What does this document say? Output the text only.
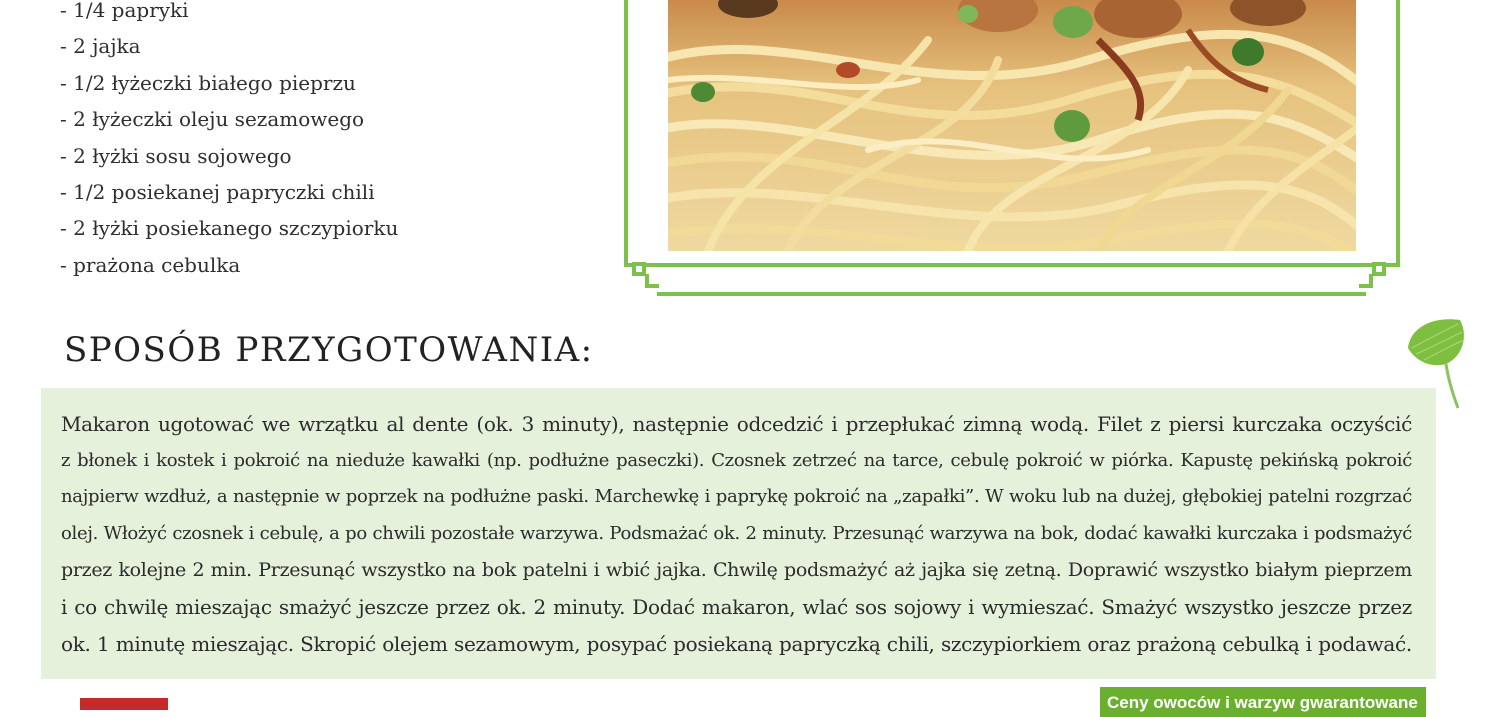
- 1/4 papryki
- 2 jajka
- 1/2 łyżeczki białego pieprzu
- 2 łyżeczki oleju sezamowego
- 2 łyżki sosu sojowego
- 1/2 posiekanej papryczki chili
- 2 łyżki posiekanego szczypiorku
- prażona cebulka
SPOSÓB PRZYGOTOWANIA:
Makaron ugotować we wrzątku al dente (ok. 3 minuty), następnie odcedzić i przepłukać zimną wodą. Filet z piersi kurczaka oczyścić
z błonek i kostek i pokroić na nieduże kawałki (np. podłużne paseczki). Czosnek zetrzeć na tarce, cebulę pokroić w piórka. Kapustę pekińską pokroić
najpierw wzdłuż, a następnie w poprzek na podłużne paski. Marchewkę i paprykę pokroić na „zapałki”. W woku lub na dużej, głębokiej patelni rozgrzać
olej. Włożyć czosnek i cebulę, a po chwili pozostałe warzywa. Podsmażać ok. 2 minuty. Przesunąć warzywa na bok, dodać kawałki kurczaka i podsmażyć
przez kolejne 2 min. Przesunąć wszystko na bok patelni i wbić jajka. Chwilę podsmażyć aż jajka się zetną. Doprawić wszystko białym pieprzem
i co chwilę mieszając smażyć jeszcze przez ok. 2 minuty. Dodać makaron, wlać sos sojowy i wymieszać. Smażyć wszystko jeszcze przez
ok. 1 minutę mieszając. Skropić olejem sezamowym, posypać posiekaną papryczką chili, szczypiorkiem oraz prażoną cebulką i podawać.
Ceny owoców i warzyw gwarantowane
